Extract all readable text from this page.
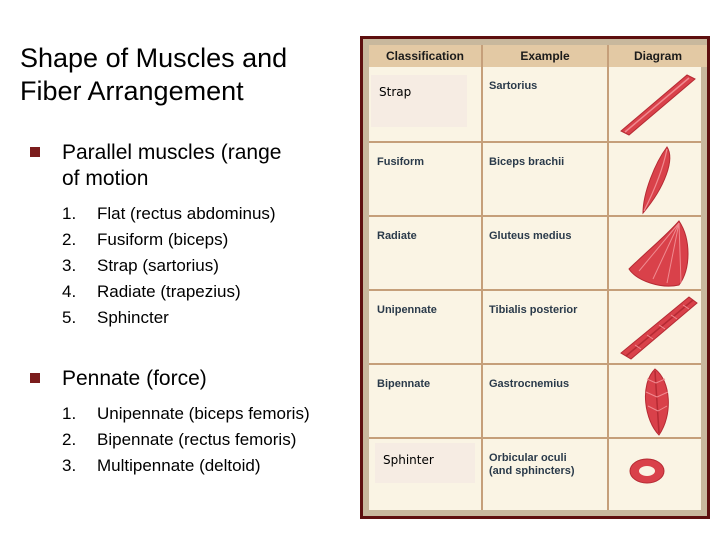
Shape of Muscles and
Fiber Arrangement
Parallel muscles (range
of motion
1.	Flat (rectus abdominus)
2.	Fusiform (biceps)
3.	Strap (sartorius)
4.	Radiate (trapezius)
5.	Sphincter
Pennate (force)
1.	Unipennate (biceps femoris)
2.	Bipennate (rectus femoris)
3.	Multipennate (deltoid)
Classification	Example	Diagram
Strap	Sartorius
Fusiform	Biceps brachii
Radiate	Gluteus medius
Unipennate	Tibialis posterior
Bipennate	Gastrocnemius
Sphinter	Orbicular oculi
(and sphincters)
